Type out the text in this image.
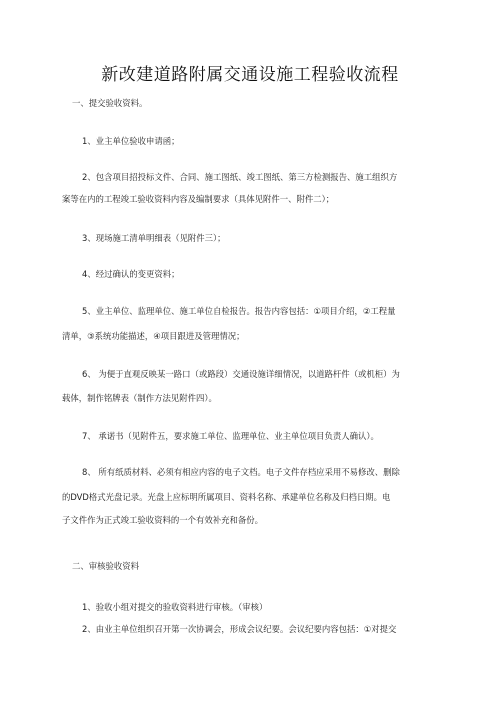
新改建道路附属交通设施工程验收流程
一、提交验收资料。
1、业主单位验收申请函；
2、包含项目招投标文件、合同、施工图纸、竣工图纸、第三方检测报告、施工组织方
案等在内的工程竣工验收资料内容及编制要求（具体见附件一、附件二）；
3、现场施工清单明细表（见附件三）；
4、经过确认的变更资料；
5、业主单位、监理单位、施工单位自检报告。报告内容包括：①项目介绍，②工程量
清单，③系统功能描述，④项目跟进及管理情况；
6、 为便于直观反映某一路口（或路段）交通设施详细情况，以道路杆件（或机柜）为
载体，制作铭牌表（制作方法见附件四）。
7、 承诺书（见附件五，要求施工单位、监理单位、业主单位项目负责人确认）。
8、 所有纸质材料、必须有相应内容的电子文档。电子文件存档应采用不易修改、删除
的DVD格式光盘记录。光盘上应标明所属项目、资料名称、承建单位名称及归档日期。电
子文件作为正式竣工验收资料的一个有效补充和备份。
二、审核验收资料
1、验收小组对提交的验收资料进行审核。（审核）
2、由业主单位组织召开第一次协调会，形成会议纪要。会议纪要内容包括：①对提交
